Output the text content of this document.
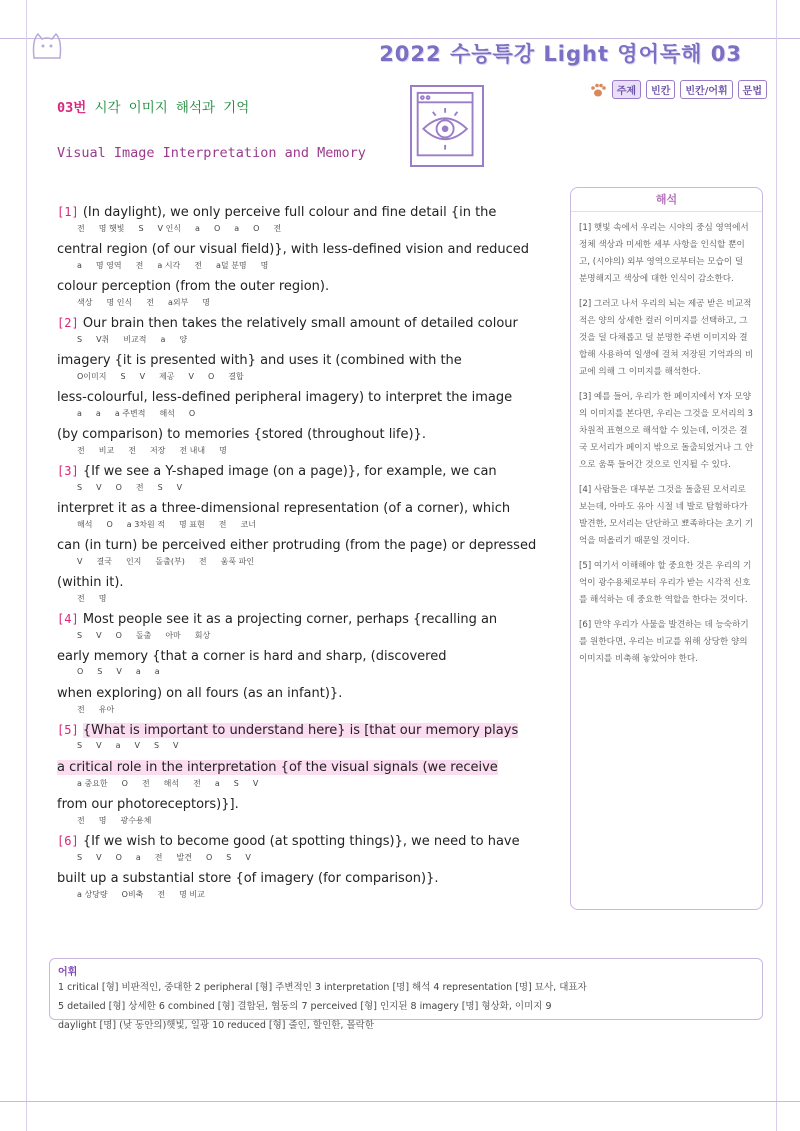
2022 수능특강 Light 영어독해 03
주제	빈칸	빈칸/어휘	문법
03번 시각 이미지 해석과 기억
Visual Image Interpretation and Memory
[1] (In daylight), we only perceive full colour and fine detail {in the
전 명 햇빛 S V 인식 a O a O 전
central region (of our visual field)}, with less-defined vision and reduced
a 명 영역 전 a 시각 전 a덜 분명 명
colour perception (from the outer region).
색상 명 인식 전 a외부 명
[2] Our brain then takes the relatively small amount of detailed colour
S V취 비교적 a 양
imagery {it is presented with} and uses it (combined with the
O이미지 S V 제공 V O 결합
less-colourful, less-defined peripheral imagery) to interpret the image
a a a 주변적 해석 O
(by comparison) to memories {stored (throughout life)}.
전 비교 전 저장 전 내내 명
[3] {If we see a Y-shaped image (on a page)}, for example, we can
S V O 전 S V
interpret it as a three-dimensional representation (of a corner), which
해석 O a 3차원 적 명 표현 전 코너
can (in turn) be perceived either protruding (from the page) or depressed
V 결국 인지 돌출(부) 전 움푹 파인
(within it).
전 명
[4] Most people see it as a projecting corner, perhaps {recalling an
S V O 돌출 아마 회상
early memory {that a corner is hard and sharp, (discovered
O S V a a
when exploring) on all fours (as an infant)}.
전 유아
[5] {What is important to understand here} is [that our memory plays
S V a V S V
a critical role in the interpretation {of the visual signals (we receive
a 중요한 O 전 해석 전 a S V
from our photoreceptors)}].
전 명 광수용체
[6] {If we wish to become good (at spotting things)}, we need to have
S V O a 전 발견 O S V
built up a substantial store {of imagery (for comparison)}.
a 상당량 O비축 전 명 비교
해석
[1] 햇빛 속에서 우리는 시야의 중심 영역에서 정체 색상과 미세한 세부 사항을 인식할 뿐이고, (시야의) 외부 영역으로부터는 모습이 덜 분명해지고 색상에 대한 인식이 감소한다.
[2] 그러고 나서 우리의 뇌는 제공 받은 비교적 적은 양의 상세한 컬러 이미지를 선택하고, 그것을 덜 다채롭고 덜 분명한 주변 이미지와 결합해 사용하여 일생에 걸쳐 저장된 기억과의 비교에 의해 그 이미지를 해석한다.
[3] 예를 들어, 우리가 한 페이지에서 Y자 모양의 이미지를 본다면, 우리는 그것을 모서리의 3차원적 표현으로 해석할 수 있는데, 이것은 결국 모서리가 페이지 밖으로 돌출되었거나 그 안으로 움푹 들어간 것으로 인지될 수 있다.
[4] 사람들은 대부분 그것을 돌출된 모서리로 보는데, 아마도 유아 시절 네 발로 탐험하다가 발견한, 모서리는 단단하고 뾰족하다는 초기 기억을 떠올리기 때문일 것이다.
[5] 여기서 이해해야 할 중요한 것은 우리의 기억이 광수용체로부터 우리가 받는 시각적 신호를 해석하는 데 중요한 역할을 한다는 것이다.
[6] 만약 우리가 사물을 발견하는 데 능숙하기를 원한다면, 우리는 비교를 위해 상당한 양의 이미지를 비축해 놓았어야 한다.
어휘
1 critical [형] 비판적인, 중대한 2 peripheral [형] 주변적인 3 interpretation [명] 해석 4 representation [명] 묘사, 대표자
5 detailed [형] 상세한 6 combined [형] 결합된, 협동의 7 perceived [형] 인지된 8 imagery [명] 형상화, 이미지 9
daylight [명] (낮 동안의)햇빛, 일광 10 reduced [형] 줄인, 할인한, 몰락한
